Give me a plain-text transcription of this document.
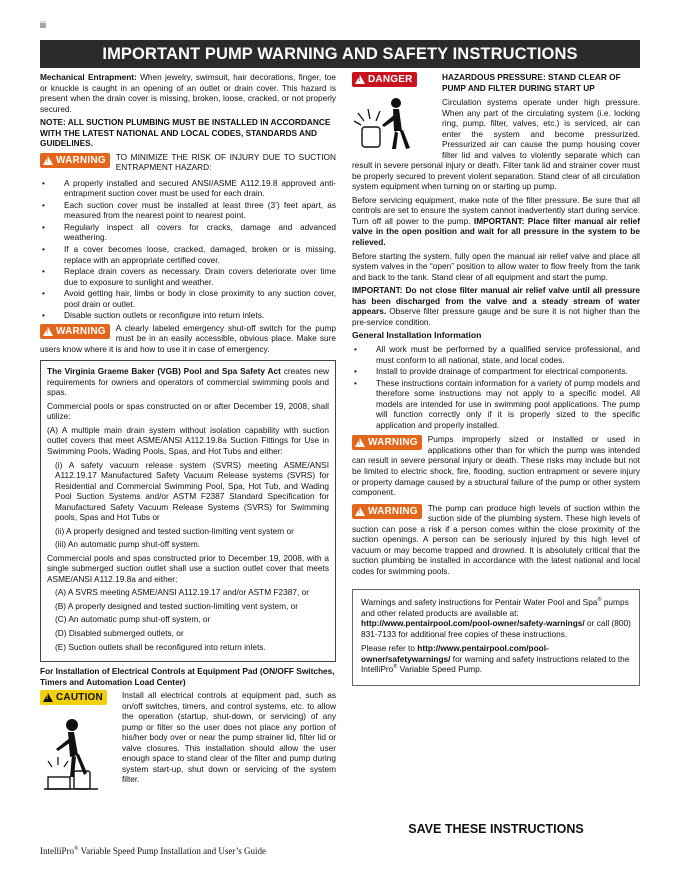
iii
IMPORTANT PUMP WARNING AND SAFETY INSTRUCTIONS

Mechanical Entrapment: When jewelry, swimsuit, hair decorations, finger, toe or knuckle is caught in an opening of an outlet or drain cover. This hazard is present when the drain cover is missing, broken, loose, cracked, or not properly secured.

NOTE: ALL SUCTION PLUMBING MUST BE INSTALLED IN ACCORDANCE WITH THE LATEST NATIONAL AND LOCAL CODES, STANDARDS AND GUIDELINES.

! WARNING	TO MINIMIZE THE RISK OF INJURY DUE TO SUCTION ENTRAPMENT HAZARD:

• A properly installed and secured ANSI/ASME A112.19.8 approved anti-entrapment suction cover must be used for each drain.
• Each suction cover must be installed at least three (3’) feet apart, as measured from the nearest point to nearest point.
• Regularly inspect all covers for cracks, damage and advanced weathering.
• If a cover becomes loose, cracked, damaged, broken or is missing, replace with an appropriate certified cover.
• Replace drain covers as necessary. Drain covers deteriorate over time due to exposure to sunlight and weather.
• Avoid getting hair, limbs or body in close proximity to any suction cover, pool drain or outlet.
• Disable suction outlets or reconfigure into return inlets.
! WARNING	A clearly labeled emergency shut-off switch for the pump must be in an easily accessible, obvious place. Make sure users know where it is and how to use it in case of emergency.

The Virginia Graeme Baker (VGB) Pool and Spa Safety Act creates new requirements for owners and operators of commercial swimming pools and spas.

Commercial pools or spas constructed on or after December 19, 2008, shall utilize:

(A) A multiple main drain system without isolation capability with suction outlet covers that meet ASME/ANSI A112.19.8a Suction Fittings for Use in Swimming Pools, Wading Pools, Spas, and Hot Tubs and either:

(i) A safety vacuum release system (SVRS) meeting ASME/ANSI A112.19.17 Manufactured Safety Vacuum Release systems (SVRS) for Residential and Commercial Swimming Pool, Spa, Hot Tub, and Wading Pool Suction Systems and/or ASTM F2387 Standard Specification for Manufactured Safety Vacuum Release Systems (SVRS) for Swimming pools, Spas and Hot Tubs or

(ii) A properly designed and tested suction-limiting vent system or

(iii) An automatic pump shut-off system.

Commercial pools and spas constructed prior to December 19, 2008, with a single submerged suction outlet shall use a suction outlet cover that meets ASME/ANSI A112.19.8a and either:

(A) A SVRS meeting ASME/ANSI A112.19.17 and/or ASTM F2387, or

(B) A properly designed and tested suction-limiting vent system, or

(C) An automatic pump shut-off system, or

(D) Disabled submerged outlets, or

(E) Suction outlets shall be reconfigured into return inlets.

For Installation of Electrical Controls at Equipment Pad (ON/OFF Switches, Timers and Automation Load Center)

! CAUTION
	Install all electrical controls at equipment pad, such as on/off switches, timers, and control systems, etc. to allow the operation (startup, shut-down, or servicing) of any pump or filter so the user does not place any portion of his/her body over or near the pump strainer lid, filter lid or valve closures. This installation should allow the user enough space to stand clear of the filter and pump during system start-up, shut down or servicing of the system filter.

! DANGER
	HAZARDOUS PRESSURE: STAND CLEAR OF PUMP AND FILTER DURING START UP

Circulation systems operate under high pressure. When any part of the circulating system (i.e. locking ring, pump, filter, valves, etc.) is serviced, air can enter the system and become pressurized. Pressurized air can cause the pump housing cover filter lid and valves to violently separate which can result in severe personal injury or death. Filter tank lid and strainer cover must be properly secured to prevent violent separation. Stand clear of all circulation system equipment when turning on or starting up pump.

Before servicing equipment, make note of the filter pressure. Be sure that all controls are set to ensure the system cannot inadvertently start during service. Turn off all power to the pump. IMPORTANT: Place filter manual air relief valve in the open position and wait for all pressure in the system to be relieved.

Before starting the system, fully open the manual air relief valve and place all system valves in the “open” position to allow water to flow freely from the tank and back to the tank. Stand clear of all equipment and start the pump.

IMPORTANT: Do not close filter manual air relief valve until all pressure has been discharged from the valve and a steady stream of water appears. Observe filter pressure gauge and be sure it is not higher than the pre-service condition.

General Installation Information
• All work must be performed by a qualified service professional, and must conform to all national, state, and local codes.
• Install to provide drainage of compartment for electrical components.
• These instructions contain information for a variety of pump models and therefore some instructions may not apply to a specific model. All models are intended for use in swimming pool applications. The pump will function correctly only if it is properly sized to the specific application and properly installed.
! WARNING	Pumps improperly sized or installed or used in applications other than for which the pump was intended can result in severe personal injury or death. These risks may include but not be limited to electric shock, fire, flooding, suction entrapment or severe injury or property damage caused by a structural failure of the pump or other system component.

! WARNING	The pump can produce high levels of suction within the suction side of the plumbing system. These high levels of suction can pose a risk if a person comes within the close proximity of the suction openings. A person can be seriously injured by this high level of vacuum or may become trapped and drowned. It is absolutely critical that the suction plumbing be installed in accordance with the latest national and local codes for swimming pools.

Warnings and safety instructions for Pentair Water Pool and Spa® pumps and other related products are available at: http://www.pentairpool.com/pool-owner/safety-warnings/ or call (800) 831-7133 for additional free copies of these instructions.

Please refer to http://www.pentairpool.com/pool-owner/safetywarnings/ for warning and safety instructions related to the IntelliPro® Variable Speed Pump.

SAVE THESE INSTRUCTIONS
IntelliPro® Variable Speed Pump Installation and User’s Guide
